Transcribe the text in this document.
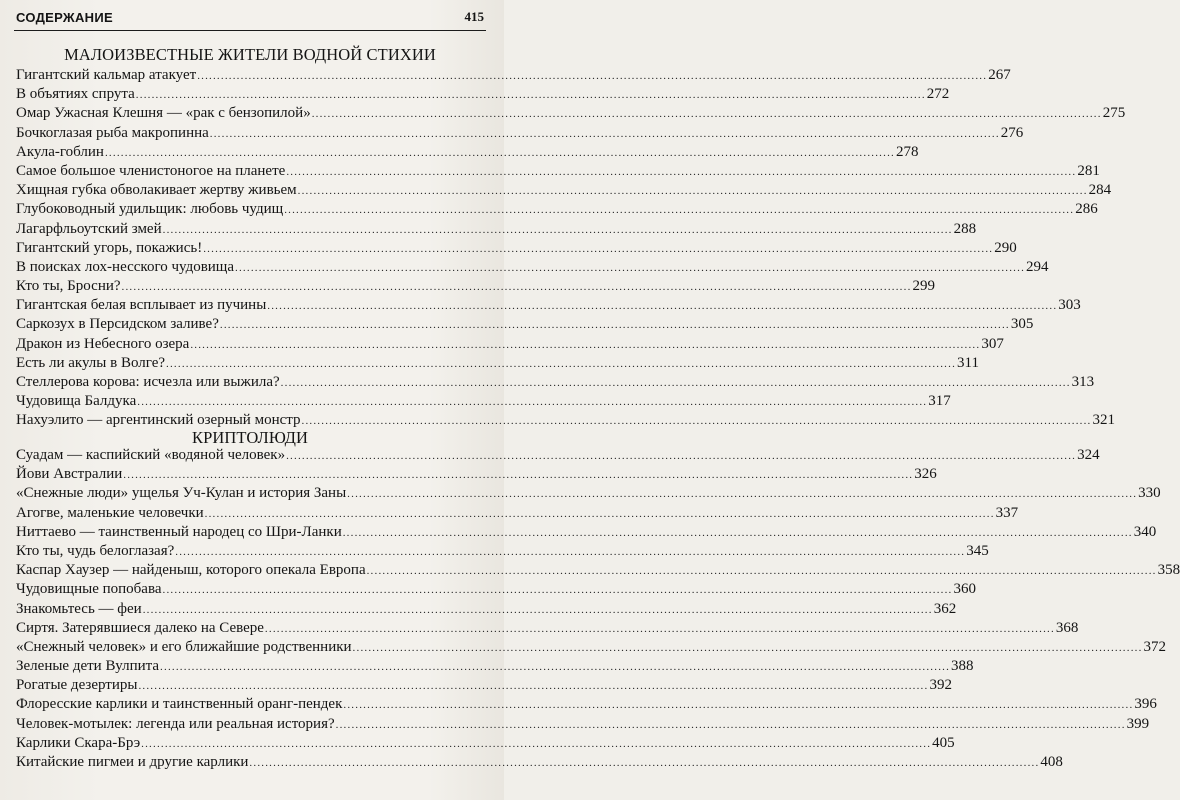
СОДЕРЖАНИЕ	415
МАЛОИЗВЕСТНЫЕ ЖИТЕЛИ ВОДНОЙ СТИХИИ
Гигантский кальмар атакует ........................................................................................................................................................................................................ 267
В объятиях спрута ........................................................................................................................................................................................................ 272
Омар Ужасная Клешня — «рак с бензопилой» ........................................................................................................................................................................................................ 275
Бочкоглазая рыба макропинна ........................................................................................................................................................................................................ 276
Акула-гоблин ........................................................................................................................................................................................................ 278
Самое большое членистоногое на планете ........................................................................................................................................................................................................ 281
Хищная губка обволакивает жертву живьем ........................................................................................................................................................................................................ 284
Глубоководный удильщик: любовь чудищ ........................................................................................................................................................................................................ 286
Лагарфльоутский змей ........................................................................................................................................................................................................ 288
Гигантский угорь, покажись! ........................................................................................................................................................................................................ 290
В поисках лох-несского чудовища ........................................................................................................................................................................................................ 294
Кто ты, Бросни? ........................................................................................................................................................................................................ 299
Гигантская белая всплывает из пучины ........................................................................................................................................................................................................ 303
Саркозух в Персидском заливе? ........................................................................................................................................................................................................ 305
Дракон из Небесного озера ........................................................................................................................................................................................................ 307
Есть ли акулы в Волге? ........................................................................................................................................................................................................ 311
Стеллерова корова: исчезла или выжила? ........................................................................................................................................................................................................ 313
Чудовища Балдука ........................................................................................................................................................................................................ 317
Нахуэлито — аргентинский озерный монстр ........................................................................................................................................................................................................ 321
КРИПТОЛЮДИ
Суадам — каспийский «водяной человек» ........................................................................................................................................................................................................ 324
Йови Австралии ........................................................................................................................................................................................................ 326
«Снежные люди» ущелья Уч-Кулан и история Заны ........................................................................................................................................................................................................ 330
Агогве, маленькие человечки ........................................................................................................................................................................................................ 337
Ниттаево — таинственный народец со Шри-Ланки ........................................................................................................................................................................................................ 340
Кто ты, чудь белоглазая? ........................................................................................................................................................................................................ 345
Каспар Хаузер — найденыш, которого опекала Европа ........................................................................................................................................................................................................ 358
Чудовищные попобава ........................................................................................................................................................................................................ 360
Знакомьтесь — феи ........................................................................................................................................................................................................ 362
Сиртя. Затерявшиеся далеко на Севере ........................................................................................................................................................................................................ 368
«Снежный человек» и его ближайшие родственники ........................................................................................................................................................................................................ 372
Зеленые дети Вулпита ........................................................................................................................................................................................................ 388
Рогатые дезертиры ........................................................................................................................................................................................................ 392
Флоресские карлики и таинственный оранг-пендек ........................................................................................................................................................................................................ 396
Человек-мотылек: легенда или реальная история? ........................................................................................................................................................................................................ 399
Карлики Скара-Брэ ........................................................................................................................................................................................................ 405
Китайские пигмеи и другие карлики ........................................................................................................................................................................................................ 408
